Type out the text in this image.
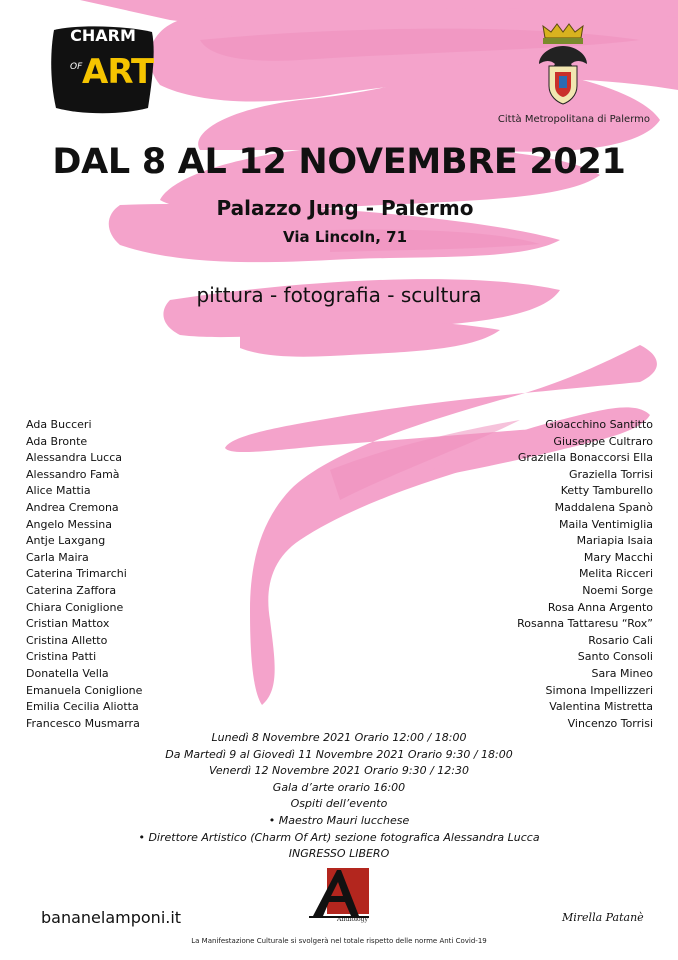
CHARM
OF ART
Città Metropolitana di Palermo
DAL 8 AL 12 NOVEMBRE 2021
Palazzo Jung - Palermo
Via Lincoln, 71
pittura - fotografia - scultura
Ada Bucceri
Ada Bronte
Alessandra Lucca
Alessandro Famà
Alice Mattia
Andrea Cremona
Angelo Messina
Antje Laxgang
Carla Maira
Caterina Trimarchi
Caterina Zaffora
Chiara Coniglione
Cristian Mattox
Cristina Alletto
Cristina Patti
Donatella Vella
Emanuela Coniglione
Emilia Cecilia Aliotta
Francesco Musmarra
Gioacchino Santitto
Giuseppe Cultraro
Graziella Bonaccorsi Ella
Graziella Torrisi
Ketty Tamburello
Maddalena Spanò
Maila Ventimiglia
Mariapia Isaia
Mary Macchi
Melita Ricceri
Noemi Sorge
Rosa Anna Argento
Rosanna Tattaresu “Rox”
Rosario Cali
Santo Consoli
Sara Mineo
Simona Impellizzeri
Valentina Mistretta
Vincenzo Torrisi
Lunedì 8 Novembre 2021 Orario 12:00 / 18:00
Da Martedì 9 al Giovedì 11 Novembre 2021 Orario 9:30 / 18:00
Venerdì 12 Novembre 2021 Orario 9:30 / 12:30
Gala d’arte orario 16:00
Ospiti dell’evento
• Maestro Mauri lucchese
• Direttore Artistico (Charm Of Art) sezione fotografica Alessandra Lucca
INGRESSO LIBERO
bananelamponi.it	Anthology	Mirella Patanè
La Manifestazione Culturale si svolgerà nel totale rispetto delle norme Anti Covid-19
